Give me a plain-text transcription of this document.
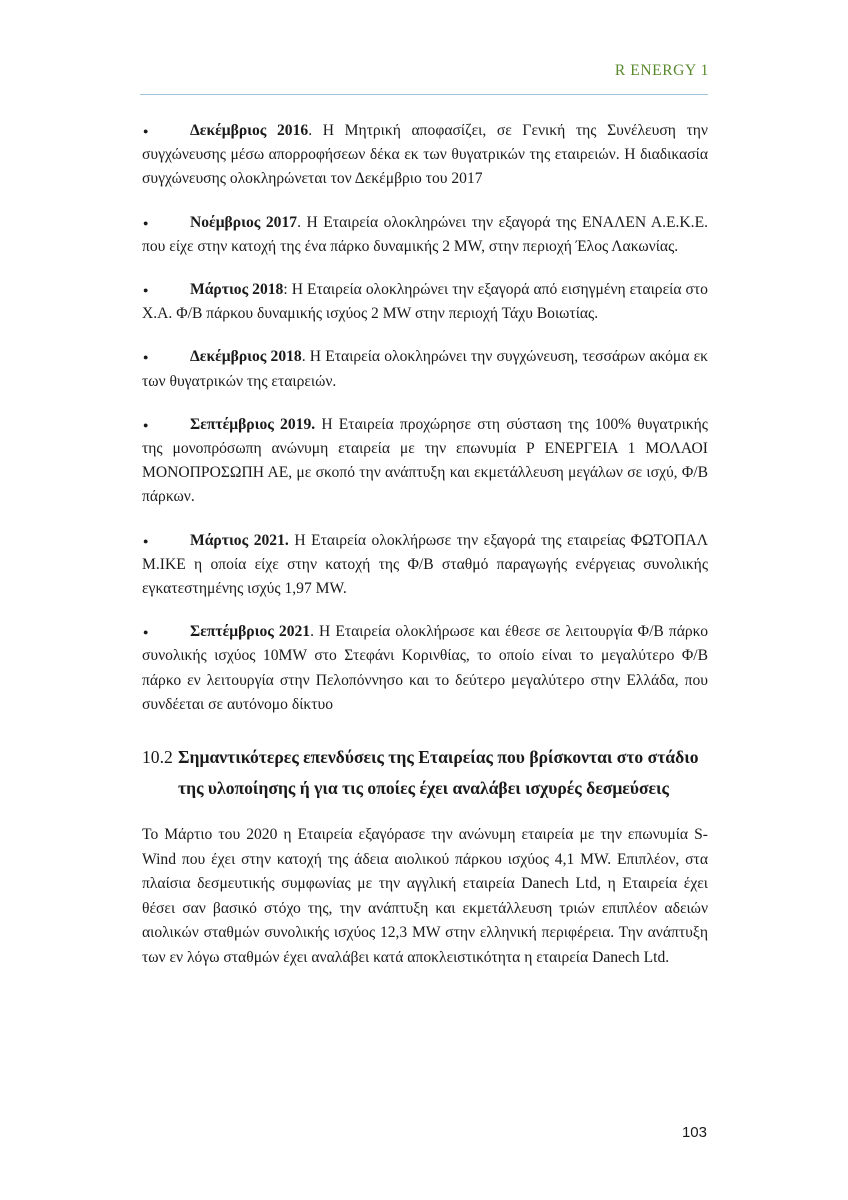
R ENERGY 1
●	Δεκέμβριος 2016. Η Μητρική αποφασίζει, σε Γενική της Συνέλευση την συγχώνευσης μέσω απορροφήσεων δέκα εκ των θυγατρικών της εταιρειών. Η διαδικασία συγχώνευσης ολοκληρώνεται τον Δεκέμβριο του 2017
●	Νοέμβριος 2017. Η Εταιρεία ολοκληρώνει την εξαγορά της ΕΝΑΛΕΝ Α.Ε.Κ.Ε. που είχε στην κατοχή της ένα πάρκο δυναμικής 2 MW, στην περιοχή Έλος Λακωνίας.
●	Μάρτιος 2018: Η Εταιρεία ολοκληρώνει την εξαγορά από εισηγμένη εταιρεία στο Χ.Α. Φ/Β πάρκου δυναμικής ισχύος 2 MW στην περιοχή Τάχυ Βοιωτίας.
●	Δεκέμβριος 2018. Η Εταιρεία ολοκληρώνει την συγχώνευση, τεσσάρων ακόμα εκ των θυγατρικών της εταιρειών.
●	Σεπτέμβριος 2019. Η Εταιρεία προχώρησε στη σύσταση της 100% θυγατρικής της μονοπρόσωπη ανώνυμη εταιρεία με την επωνυμία Ρ ΕΝΕΡΓΕΙΑ 1 ΜΟΛΑΟΙ ΜΟΝΟΠΡΟΣΩΠΗ ΑΕ, με σκοπό την ανάπτυξη και εκμετάλλευση μεγάλων σε ισχύ, Φ/Β πάρκων.
●	Μάρτιος 2021. Η Εταιρεία ολοκλήρωσε την εξαγορά της εταιρείας ΦΩΤΟΠΑΛ Μ.ΙΚΕ η οποία είχε στην κατοχή της Φ/Β σταθμό παραγωγής ενέργειας συνολικής εγκατεστημένης ισχύς 1,97 MW.
●	Σεπτέμβριος 2021. Η Εταιρεία ολοκλήρωσε και έθεσε σε λειτουργία Φ/Β πάρκο συνολικής ισχύος 10MW στο Στεφάνι Κορινθίας, το οποίο είναι το μεγαλύτερο Φ/Β πάρκο εν λειτουργία στην Πελοπόννησο και το δεύτερο μεγαλύτερο στην Ελλάδα, που συνδέεται σε αυτόνομο δίκτυο
10.2 Σημαντικότερες επενδύσεις της Εταιρείας που βρίσκονται στο στάδιο της υλοποίησης ή για τις οποίες έχει αναλάβει ισχυρές δεσμεύσεις
Το Μάρτιο του 2020 η Εταιρεία εξαγόρασε την ανώνυμη εταιρεία με την επωνυμία S-Wind που έχει στην κατοχή της άδεια αιολικού πάρκου ισχύος 4,1 MW. Επιπλέον, στα πλαίσια δεσμευτικής συμφωνίας με την αγγλική εταιρεία Danech Ltd, η Εταιρεία έχει θέσει σαν βασικό στόχο της, την ανάπτυξη και εκμετάλλευση τριών επιπλέον αδειών αιολικών σταθμών συνολικής ισχύος 12,3 MW στην ελληνική περιφέρεια. Την ανάπτυξη των εν λόγω σταθμών έχει αναλάβει κατά αποκλειστικότητα η εταιρεία Danech Ltd.
103
